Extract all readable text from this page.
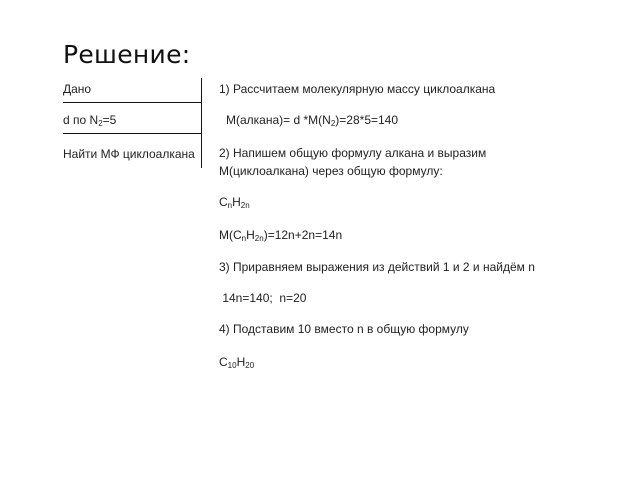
Решение:
Дано
d по $N_2=5$
Найти МФ циклоалкана
1) Рассчитаем молекулярную массу циклоалкана
М(алкана)= d $*M(N_2)=28*5=140$
2) Напишем общую формулу алкана и выразим
М(циклоалкана) через общую формулу:
$C_nH_{2n}$
$M(C_nH_{2n})=12n+2n=14n$
3) Приравняем выражения из действий 1 и 2 и найдём n
14n=140;  n=20
4) Подставим 10 вместо n в общую формулу
$C_{10}H_{20}$
